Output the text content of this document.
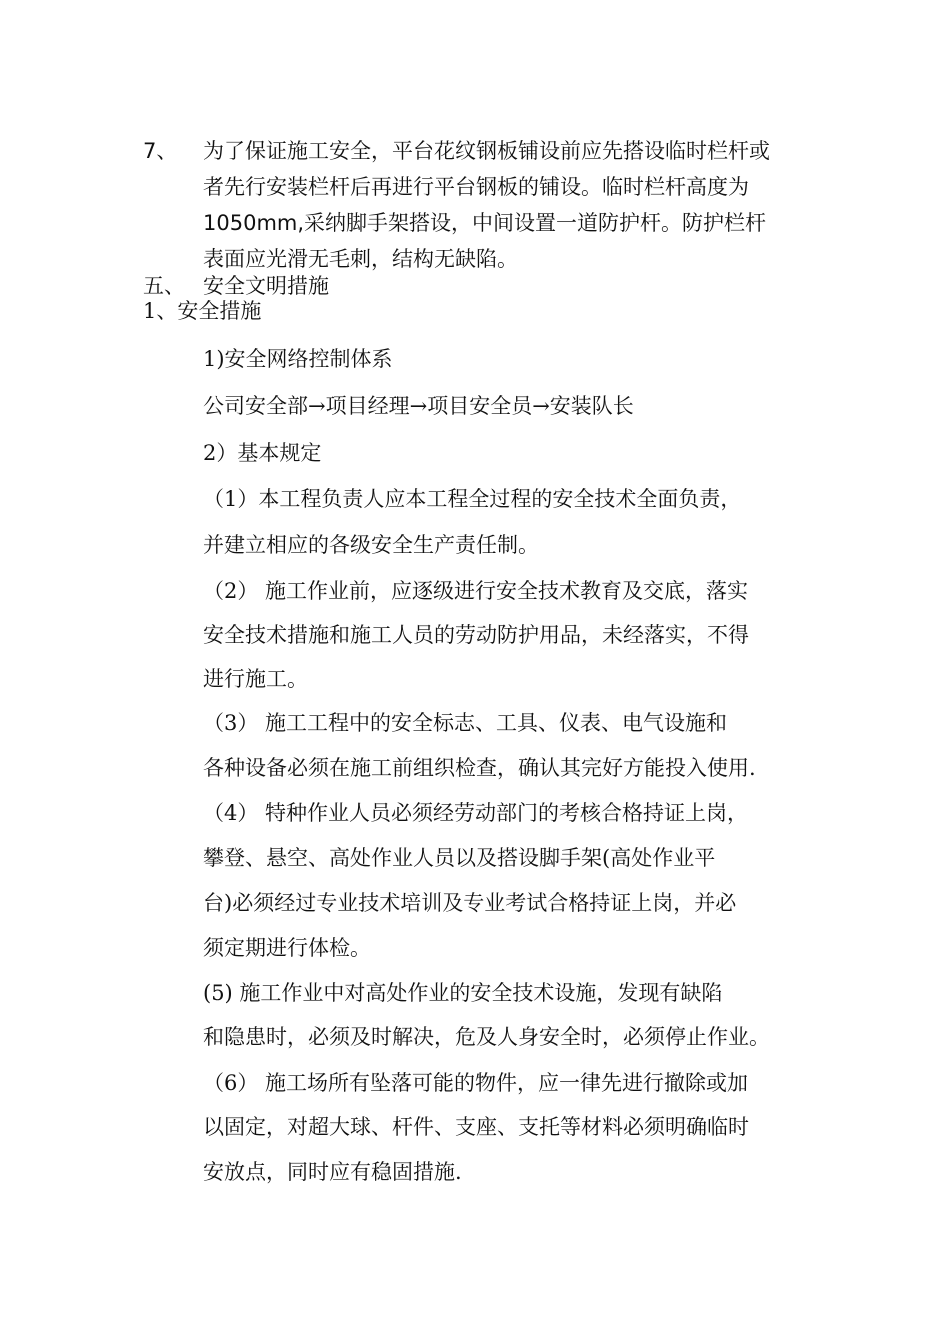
7、 为了保证施工安全，平台花纹钢板铺设前应先搭设临时栏杆或
者先行安装栏杆后再进行平台钢板的铺设。临时栏杆高度为
1050mm,采纳脚手架搭设，中间设置一道防护杆。防护栏杆
表面应光滑无毛刺，结构无缺陷。
五、 安全文明措施
1、安全措施
1)安全网络控制体系
公司安全部→项目经理→项目安全员→安装队长
2）基本规定
（1）本工程负责人应本工程全过程的安全技术全面负责，
并建立相应的各级安全生产责任制。
（2） 施工作业前，应逐级进行安全技术教育及交底，落实
安全技术措施和施工人员的劳动防护用品，未经落实，不得
进行施工。
（3） 施工工程中的安全标志、工具、仪表、电气设施和
各种设备必须在施工前组织检查，确认其完好方能投入使用.
（4） 特种作业人员必须经劳动部门的考核合格持证上岗，
攀登、悬空、高处作业人员以及搭设脚手架(高处作业平
台)必须经过专业技术培训及专业考试合格持证上岗，并必
须定期进行体检。
(5) 施工作业中对高处作业的安全技术设施，发现有缺陷
和隐患时，必须及时解决，危及人身安全时，必须停止作业。
（6） 施工场所有坠落可能的物件，应一律先进行撤除或加
以固定，对超大球、杆件、支座、支托等材料必须明确临时
安放点，同时应有稳固措施.
